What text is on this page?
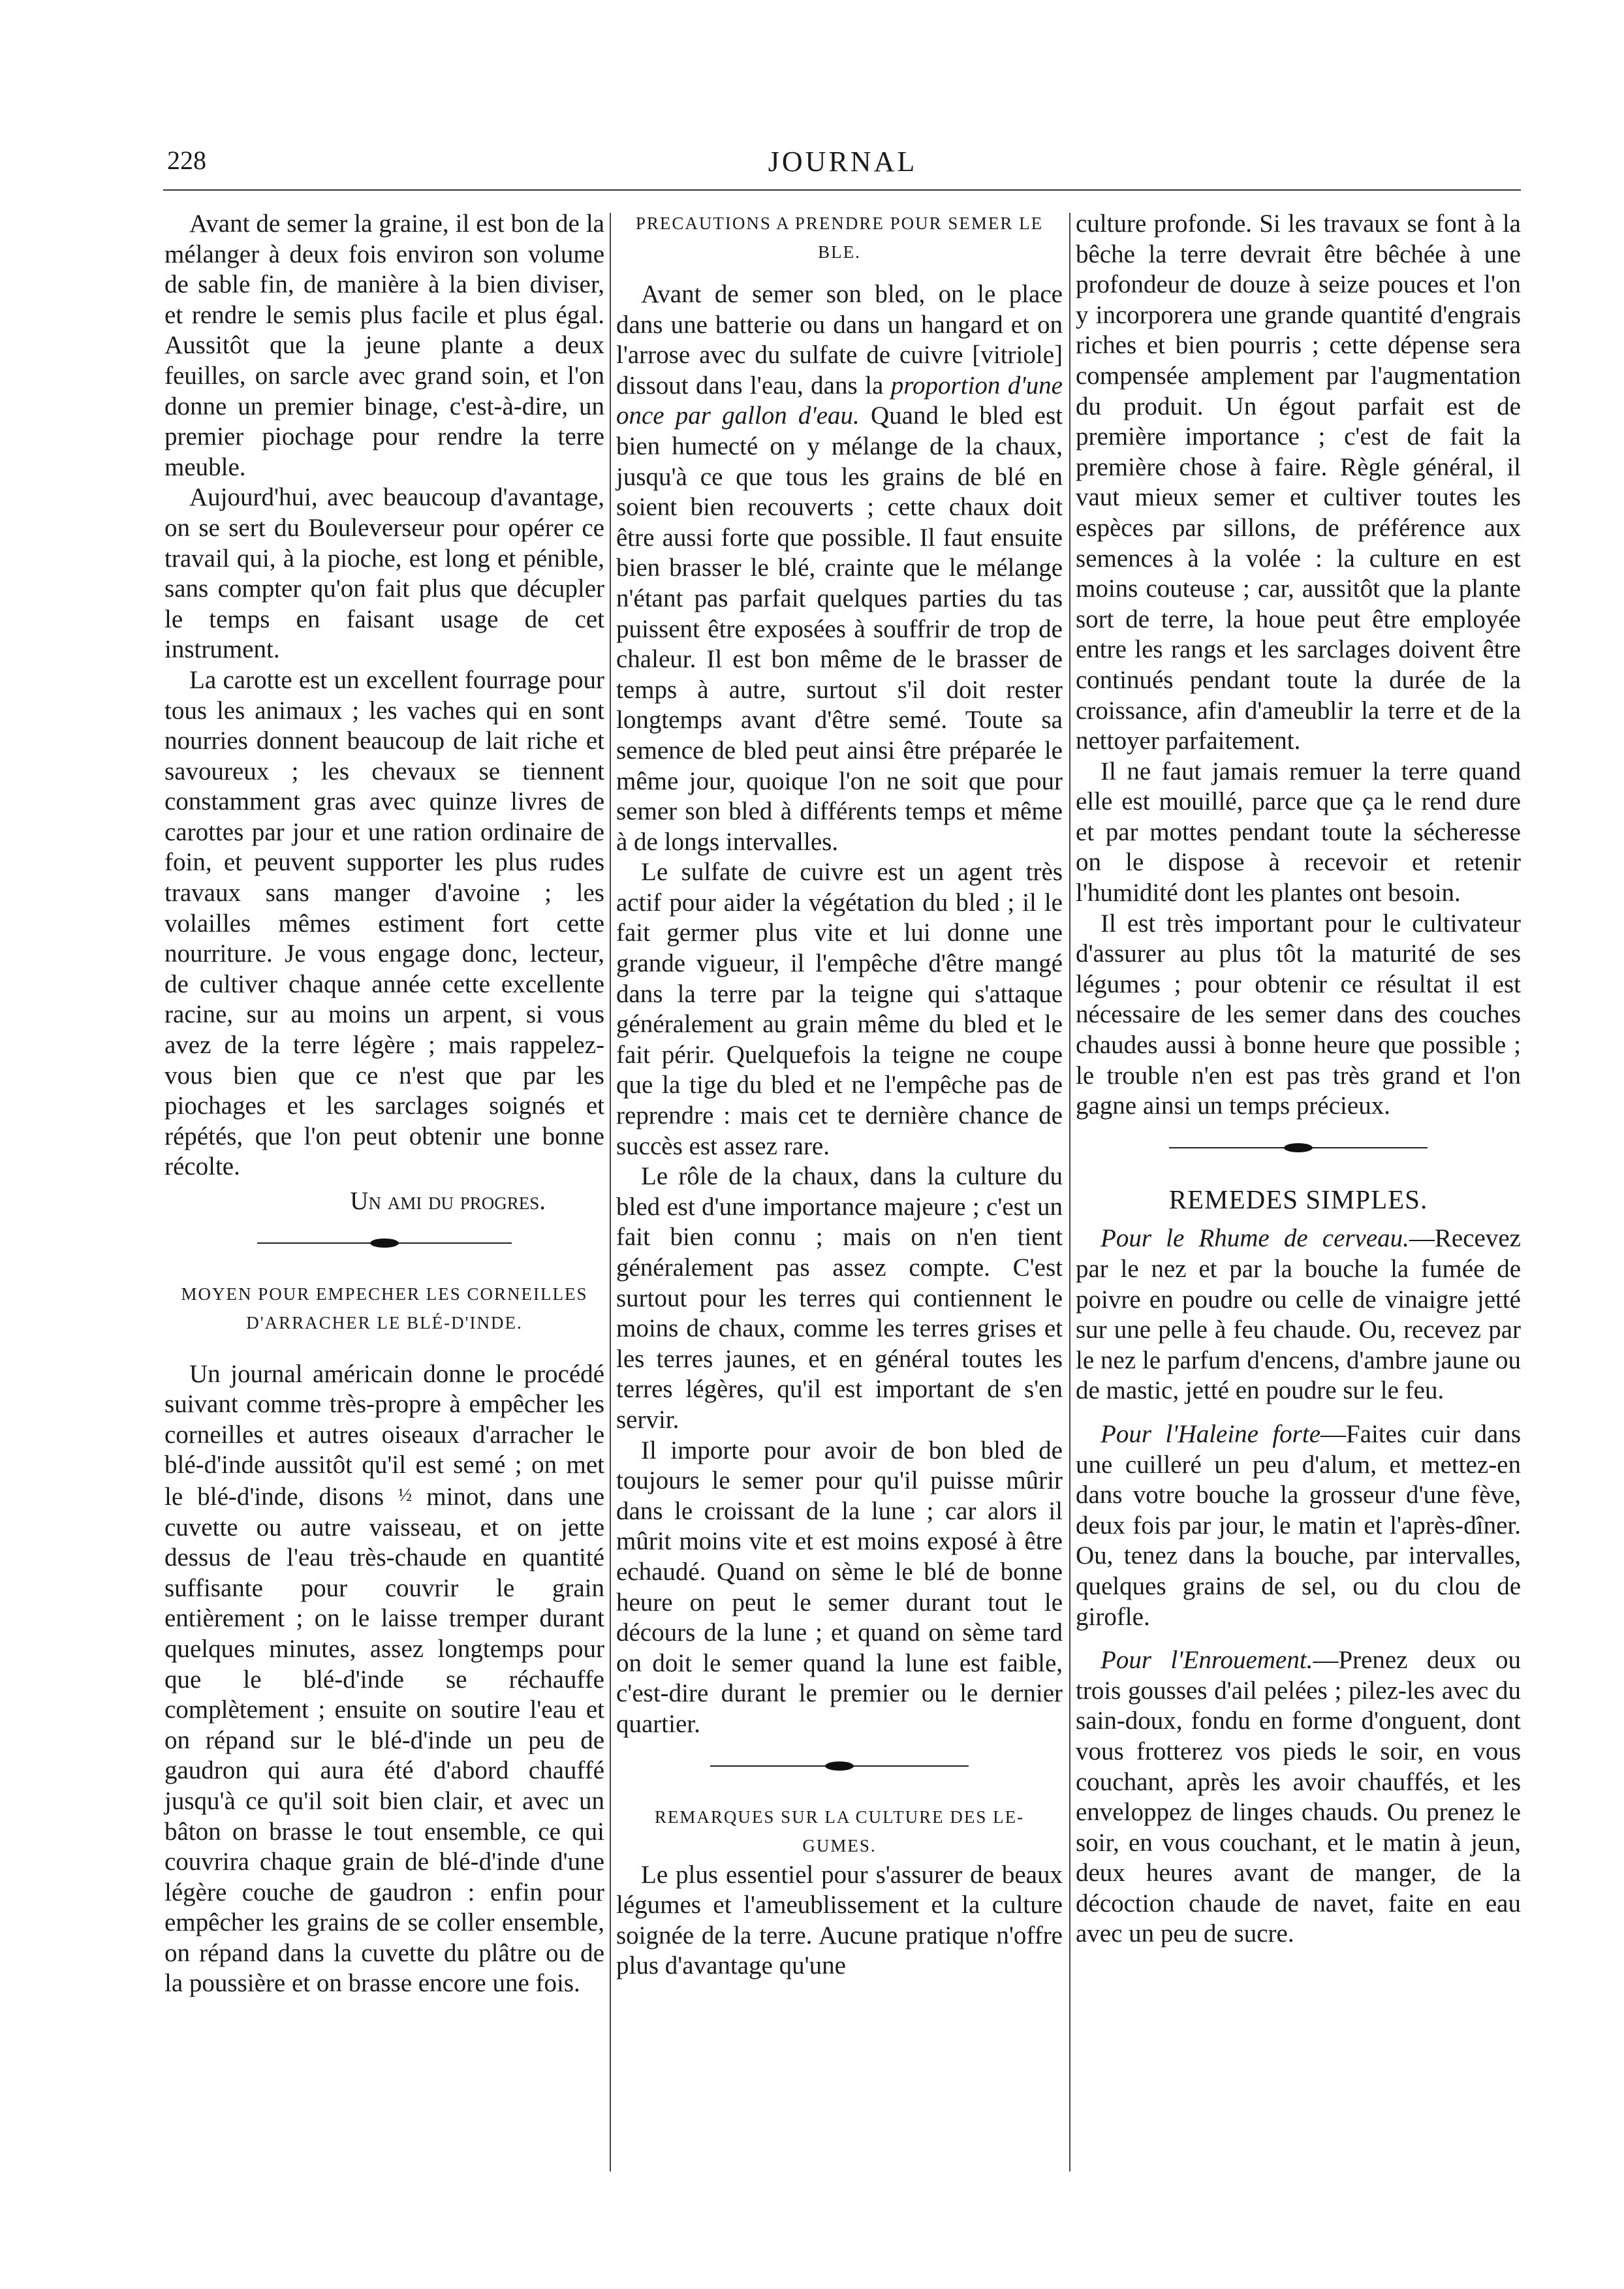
228	JOURNAL

Avant de semer la graine, il est bon de la mélanger à deux fois environ son volume de sable fin, de manière à la bien diviser, et rendre le semis plus facile et plus égal. Aussitôt que la jeune plante a deux feuilles, on sarcle avec grand soin, et l'on donne un premier binage, c'est-à-dire, un premier piochage pour rendre la terre meuble.

Aujourd'hui, avec beaucoup d'avantage, on se sert du Bouleverseur pour opérer ce travail qui, à la pioche, est long et pénible, sans compter qu'on fait plus que décupler le temps en faisant usage de cet instrument.

La carotte est un excellent fourrage pour tous les animaux ; les vaches qui en sont nourries donnent beaucoup de lait riche et savoureux ; les chevaux se tiennent constamment gras avec quinze livres de carottes par jour et une ration ordinaire de foin, et peuvent supporter les plus rudes travaux sans manger d'avoine ; les volailles mêmes estiment fort cette nourriture. Je vous engage donc, lecteur, de cultiver chaque année cette excellente racine, sur au moins un arpent, si vous avez de la terre légère ; mais rappelez-vous bien que ce n'est que par les piochages et les sarclages soignés et répétés, que l'on peut obtenir une bonne récolte.

Un ami du progres.
MOYEN POUR EMPECHER LES CORNEILLES
D'ARRACHER LE BLÉ-D'INDE.

Un journal américain donne le procédé suivant comme très-propre à empêcher les corneilles et autres oiseaux d'arracher le blé-d'inde aussitôt qu'il est semé ; on met le blé-d'inde, disons ½ minot, dans une cuvette ou autre vaisseau, et on jette dessus de l'eau très-chaude en quantité suffisante pour couvrir le grain entièrement ; on le laisse tremper durant quelques minutes, assez longtemps pour que le blé-d'inde se réchauffe complètement ; ensuite on soutire l'eau et on répand sur le blé-d'inde un peu de gaudron qui aura été d'abord chauffé jusqu'à ce qu'il soit bien clair, et avec un bâton on brasse le tout ensemble, ce qui couvrira chaque grain de blé-d'inde d'une légère couche de gaudron : enfin pour empêcher les grains de se coller ensemble, on répand dans la cuvette du plâtre ou de la poussière et on brasse encore une fois.

PRECAUTIONS A PRENDRE POUR SEMER LE
BLE.

Avant de semer son bled, on le place dans une batterie ou dans un hangard et on l'arrose avec du sulfate de cuivre [vitriole] dissout dans l'eau, dans la proportion d'une once par gallon d'eau. Quand le bled est bien humecté on y mélange de la chaux, jusqu'à ce que tous les grains de blé en soient bien recouverts ; cette chaux doit être aussi forte que possible. Il faut ensuite bien brasser le blé, crainte que le mélange n'étant pas parfait quelques parties du tas puissent être exposées à souffrir de trop de chaleur. Il est bon même de le brasser de temps à autre, surtout s'il doit rester longtemps avant d'être semé. Toute sa semence de bled peut ainsi être préparée le même jour, quoique l'on ne soit que pour semer son bled à différents temps et même à de longs intervalles.

Le sulfate de cuivre est un agent très actif pour aider la végétation du bled ; il le fait germer plus vite et lui donne une grande vigueur, il l'empêche d'être mangé dans la terre par la teigne qui s'attaque généralement au grain même du bled et le fait périr. Quelquefois la teigne ne coupe que la tige du bled et ne l'empêche pas de reprendre : mais cet te dernière chance de succès est assez rare.

Le rôle de la chaux, dans la culture du bled est d'une importance majeure ; c'est un fait bien connu ; mais on n'en tient généralement pas assez compte. C'est surtout pour les terres qui contiennent le moins de chaux, comme les terres grises et les terres jaunes, et en général toutes les terres légères, qu'il est important de s'en servir.

Il importe pour avoir de bon bled de toujours le semer pour qu'il puisse mûrir dans le croissant de la lune ; car alors il mûrit moins vite et est moins exposé à être echaudé. Quand on sème le blé de bonne heure on peut le semer durant tout le décours de la lune ; et quand on sème tard on doit le semer quand la lune est faible, c'est-dire durant le premier ou le dernier quartier.

REMARQUES SUR LA CULTURE DES LE-
GUMES.

Le plus essentiel pour s'assurer de beaux légumes et l'ameublissement et la culture soignée de la terre. Aucune pratique n'offre plus d'avantage qu'une

culture profonde. Si les travaux se font à la bêche la terre devrait être bêchée à une profondeur de douze à seize pouces et l'on y incorporera une grande quantité d'engrais riches et bien pourris ; cette dépense sera compensée amplement par l'augmentation du produit. Un égout parfait est de première importance ; c'est de fait la première chose à faire. Règle général, il vaut mieux semer et cultiver toutes les espèces par sillons, de préférence aux semences à la volée : la culture en est moins couteuse ; car, aussitôt que la plante sort de terre, la houe peut être employée entre les rangs et les sarclages doivent être continués pendant toute la durée de la croissance, afin d'ameublir la terre et de la nettoyer parfaitement.

Il ne faut jamais remuer la terre quand elle est mouillé, parce que ça le rend dure et par mottes pendant toute la sécheresse on le dispose à recevoir et retenir l'humidité dont les plantes ont besoin.

Il est très important pour le cultivateur d'assurer au plus tôt la maturité de ses légumes ; pour obtenir ce résultat il est nécessaire de les semer dans des couches chaudes aussi à bonne heure que possible ; le trouble n'en est pas très grand et l'on gagne ainsi un temps précieux.

REMEDES SIMPLES.

Pour le Rhume de cerveau.—Recevez par le nez et par la bouche la fumée de poivre en poudre ou celle de vinaigre jetté sur une pelle à feu chaude. Ou, recevez par le nez le parfum d'encens, d'ambre jaune ou de mastic, jetté en poudre sur le feu.

Pour l'Haleine forte—Faites cuir dans une cuilleré un peu d'alum, et mettez-en dans votre bouche la grosseur d'une fève, deux fois par jour, le matin et l'après-dîner. Ou, tenez dans la bouche, par intervalles, quelques grains de sel, ou du clou de girofle.

Pour l'Enrouement.—Prenez deux ou trois gousses d'ail pelées ; pilez-les avec du sain-doux, fondu en forme d'onguent, dont vous frotterez vos pieds le soir, en vous couchant, après les avoir chauffés, et les enveloppez de linges chauds. Ou prenez le soir, en vous couchant, et le matin à jeun, deux heures avant de manger, de la décoction chaude de navet, faite en eau avec un peu de sucre.
